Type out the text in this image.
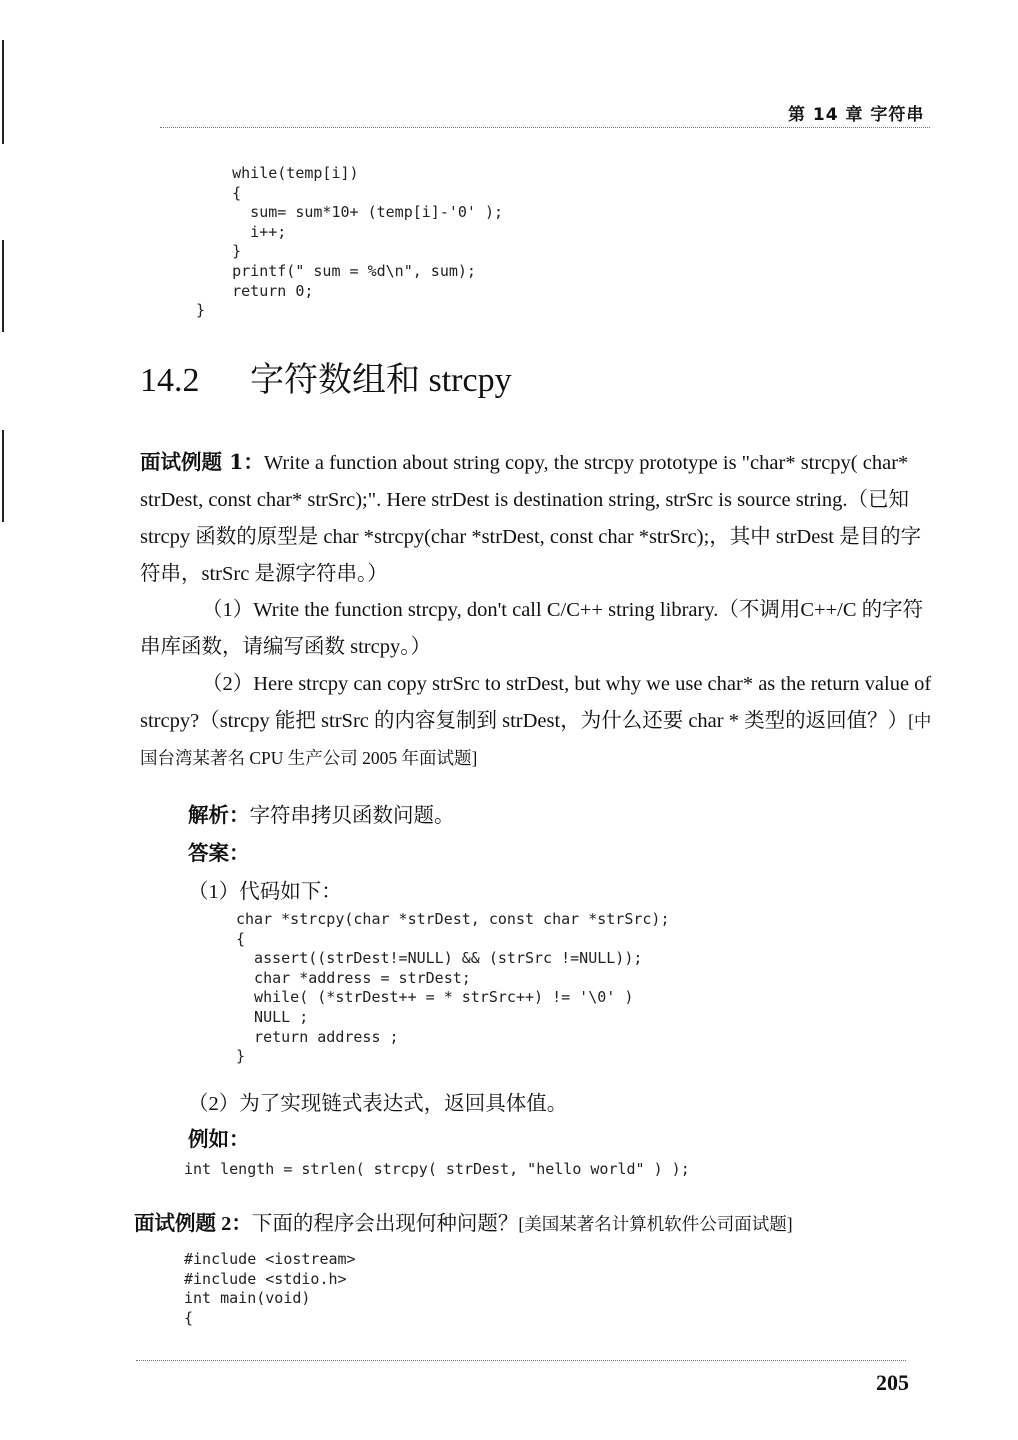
第 14 章 字符串
while(temp[i])
{
sum= sum*10+ (temp[i]-'0' );
i++;
}
printf(" sum = %d\n", sum);
return 0;
}
14.2 字符数组和 strcpy
面试例题 1：Write a function about string copy, the strcpy prototype is "char* strcpy( char* strDest, const char* strSrc);". Here strDest is destination string, strSrc is source string.（已知 strcpy 函数的原型是 char *strcpy(char *strDest, const char *strSrc);，其中 strDest 是目的字符串，strSrc 是源字符串。）
（1）Write the function strcpy, don't call C/C++ string library.（不调用C++/C 的字符串库函数，请编写函数 strcpy。）
（2）Here strcpy can copy strSrc to strDest, but why we use char* as the return value of strcpy?（strcpy 能把 strSrc 的内容复制到 strDest，为什么还要 char * 类型的返回值？）[中国台湾某著名 CPU 生产公司 2005 年面试题]
解析：字符串拷贝函数问题。
答案：
（1）代码如下：
char *strcpy(char *strDest, const char *strSrc);
{
assert((strDest!=NULL) && (strSrc !=NULL));
char *address = strDest;
while( (*strDest++ = * strSrc++) != '\0' )
NULL ;
return address ;
}
（2）为了实现链式表达式，返回具体值。
例如：
int length = strlen( strcpy( strDest, "hello world" ) );
面试例题 2：下面的程序会出现何种问题？[美国某著名计算机软件公司面试题]
#include <iostream>
#include <stdio.h>
int main(void)
{
205
